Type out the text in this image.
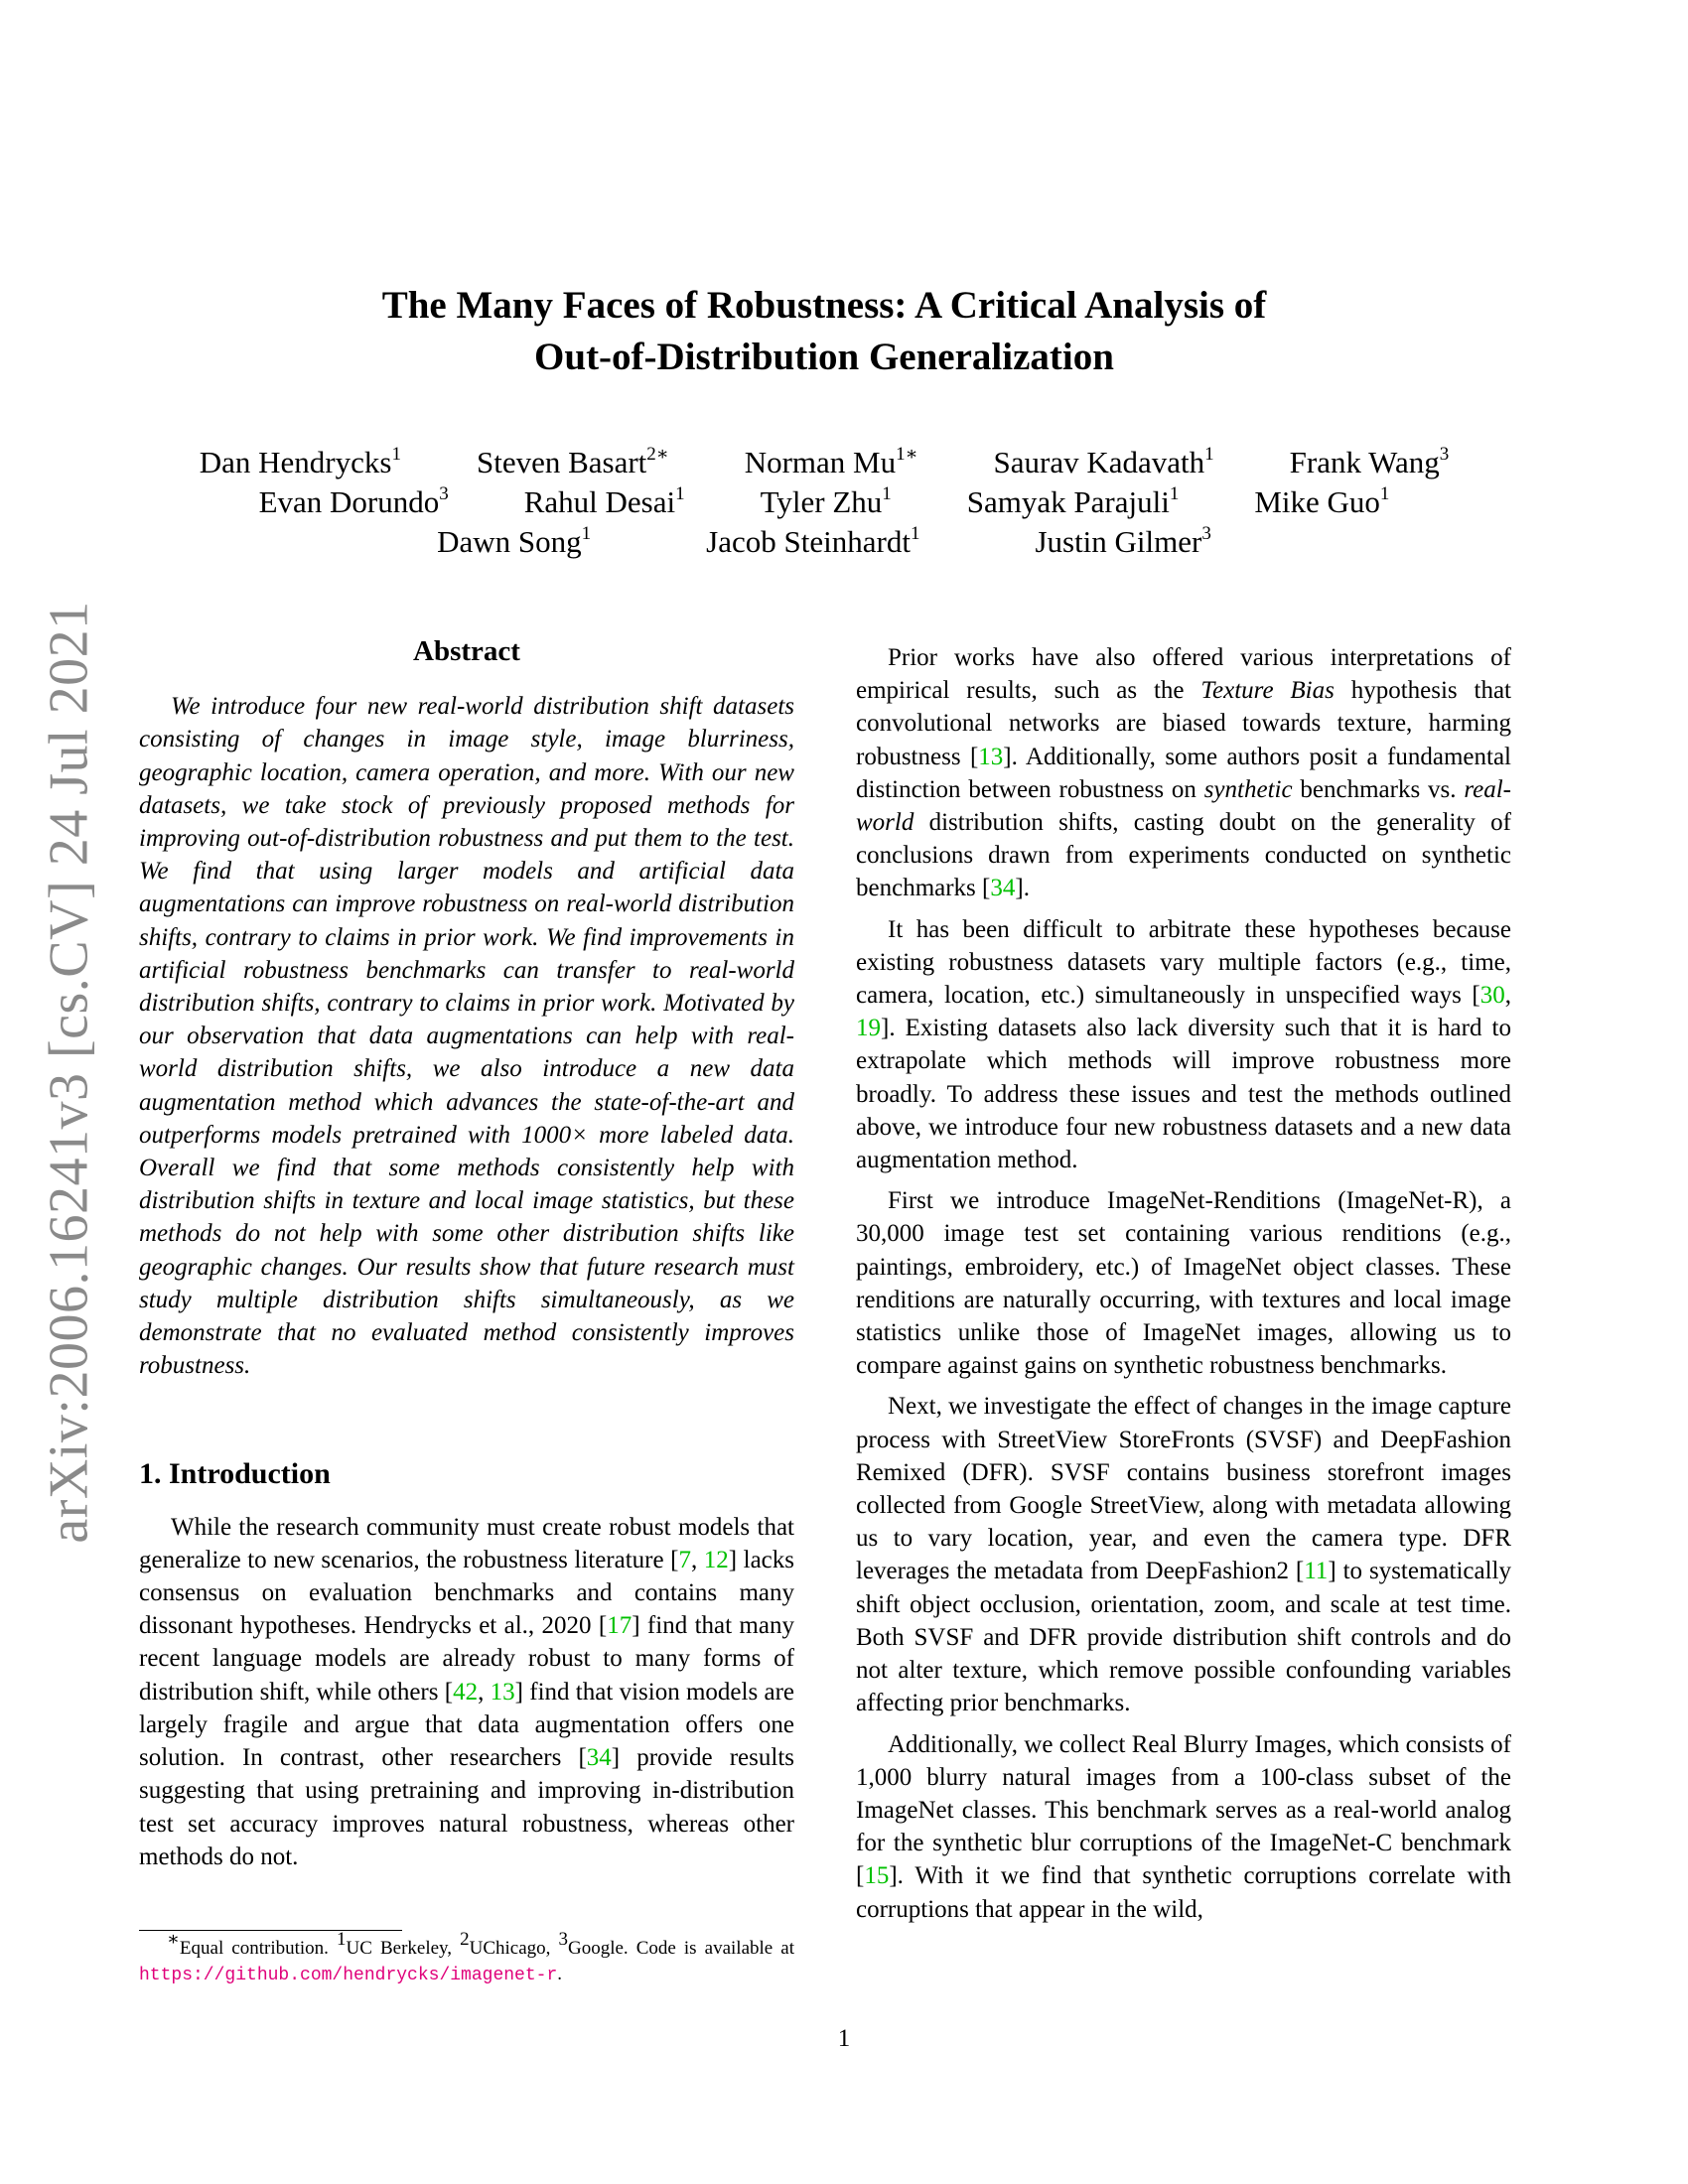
arXiv:2006.16241v3 [cs.CV] 24 Jul 2021
The Many Faces of Robustness: A Critical Analysis of
Out-of-Distribution Generalization
Dan Hendrycks$^1$ Steven Basart$^{2∗}$ Norman $Mu^{1∗}$ Saurav Kadavath$^1$ Frank Wang$^3$
Evan Dorundo$^3$ Rahul Desai$^1$ Tyler Zhu$^1$ Samyak Parajuli$^1$ Mike Guo$^1$
Dawn Song$^1$	Jacob Steinhardt$^1$	Justin Gilmer$^3$
Abstract

We introduce four new real-world distribution shift datasets consisting of changes in image style, image blurriness, geographic location, camera operation, and more. With our new datasets, we take stock of previously proposed methods for improving out-of-distribution robustness and put them to the test. We find that using larger models and artificial data augmentations can improve robustness on real-world distribution shifts, contrary to claims in prior work. We find improvements in artificial robustness benchmarks can transfer to real-world distribution shifts, contrary to claims in prior work. Motivated by our observation that data augmentations can help with real-world distribution shifts, we also introduce a new data augmentation method which advances the state-of-the-art and outperforms models pretrained with 1000× more labeled data. Overall we find that some methods consistently help with distribution shifts in texture and local image statistics, but these methods do not help with some other distribution shifts like geographic changes. Our results show that future research must study multiple distribution shifts simultaneously, as we demonstrate that no evaluated method consistently improves robustness.

1. Introduction

While the research community must create robust models that generalize to new scenarios, the robustness literature [7, 12] lacks consensus on evaluation benchmarks and contains many dissonant hypotheses. Hendrycks et al., 2020 [17] find that many recent language models are already robust to many forms of distribution shift, while others [42, 13] find that vision models are largely fragile and argue that data augmentation offers one solution. In contrast, other researchers [34] provide results suggesting that using pretraining and improving in-distribution test set accuracy improves natural robustness, whereas other methods do not.

Prior works have also offered various interpretations of empirical results, such as the Texture Bias hypothesis that convolutional networks are biased towards texture, harming robustness [13]. Additionally, some authors posit a fundamental distinction between robustness on synthetic benchmarks vs. real-world distribution shifts, casting doubt on the generality of conclusions drawn from experiments conducted on synthetic benchmarks [34].

It has been difficult to arbitrate these hypotheses because existing robustness datasets vary multiple factors (e.g., time, camera, location, etc.) simultaneously in unspecified ways [30, 19]. Existing datasets also lack diversity such that it is hard to extrapolate which methods will improve robustness more broadly. To address these issues and test the methods outlined above, we introduce four new robustness datasets and a new data augmentation method.

First we introduce ImageNet-Renditions (ImageNet-R), a 30,000 image test set containing various renditions (e.g., paintings, embroidery, etc.) of ImageNet object classes. These renditions are naturally occurring, with textures and local image statistics unlike those of ImageNet images, allowing us to compare against gains on synthetic robustness benchmarks.

Next, we investigate the effect of changes in the image capture process with StreetView StoreFronts (SVSF) and DeepFashion Remixed (DFR). SVSF contains business storefront images collected from Google StreetView, along with metadata allowing us to vary location, year, and even the camera type. DFR leverages the metadata from DeepFashion2 [11] to systematically shift object occlusion, orientation, zoom, and scale at test time. Both SVSF and DFR provide distribution shift controls and do not alter texture, which remove possible confounding variables affecting prior benchmarks.

Additionally, we collect Real Blurry Images, which consists of 1,000 blurry natural images from a 100-class subset of the ImageNet classes. This benchmark serves as a real-world analog for the synthetic blur corruptions of the ImageNet-C benchmark [15]. With it we find that synthetic corruptions correlate with corruptions that appear in the wild,

∗Equal contribution. $^1$UC Berkeley, $^2$UChicago, $^3$Google. Code is available at https://github.com/hendrycks/imagenet-r.
1
